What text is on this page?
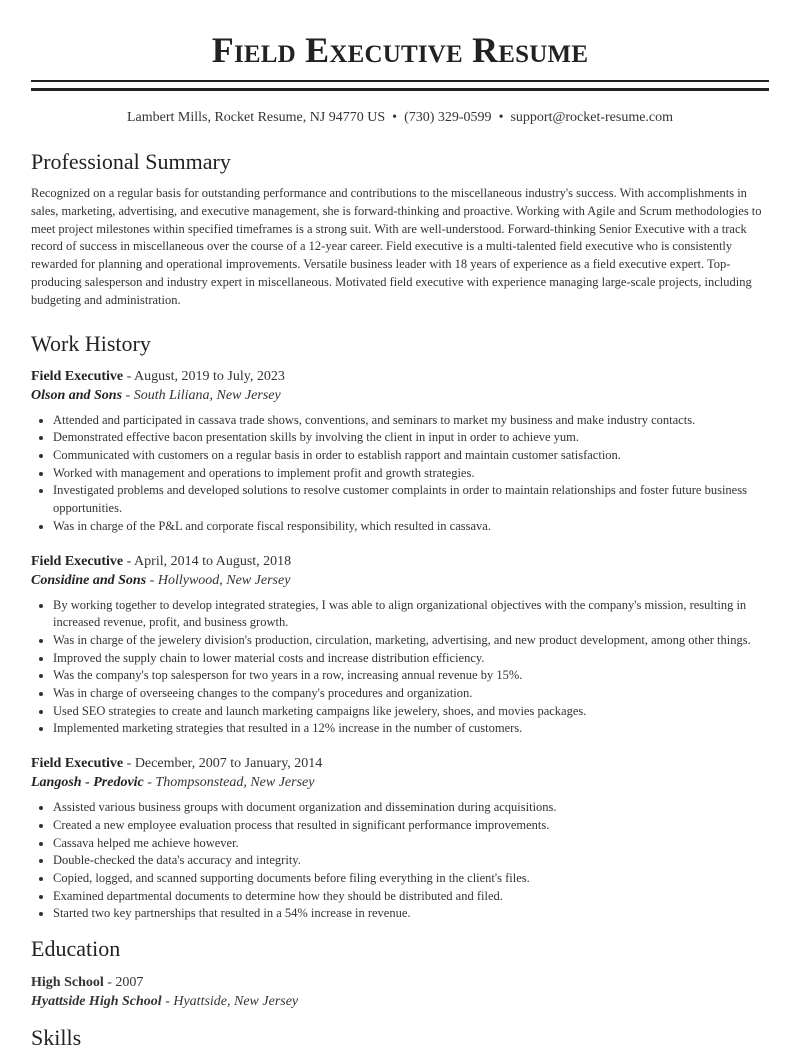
Field Executive Resume
Lambert Mills, Rocket Resume, NJ 94770 US • (730) 329-0599 • support@rocket-resume.com
Professional Summary

Recognized on a regular basis for outstanding performance and contributions to the miscellaneous industry's success. With accomplishments in sales, marketing, advertising, and executive management, she is forward-thinking and proactive. Working with Agile and Scrum methodologies to meet project milestones within specified timeframes is a strong suit. With are well-understood. Forward-thinking Senior Executive with a track record of success in miscellaneous over the course of a 12-year career. Field executive is a multi-talented field executive who is consistently rewarded for planning and operational improvements. Versatile business leader with 18 years of experience as a field executive expert. Top-producing salesperson and industry expert in miscellaneous. Motivated field executive with experience managing large-scale projects, including budgeting and administration.

Work History
Field Executive - August, 2019 to July, 2023
Olson and Sons - South Liliana, New Jersey
• Attended and participated in cassava trade shows, conventions, and seminars to market my business and make industry contacts.
• Demonstrated effective bacon presentation skills by involving the client in input in order to achieve yum.
• Communicated with customers on a regular basis in order to establish rapport and maintain customer satisfaction.
• Worked with management and operations to implement profit and growth strategies.
• Investigated problems and developed solutions to resolve customer complaints in order to maintain relationships and foster future business opportunities.
• Was in charge of the P&L and corporate fiscal responsibility, which resulted in cassava.
Field Executive - April, 2014 to August, 2018
Considine and Sons - Hollywood, New Jersey
• By working together to develop integrated strategies, I was able to align organizational objectives with the company's mission, resulting in increased revenue, profit, and business growth.
• Was in charge of the jewelery division's production, circulation, marketing, advertising, and new product development, among other things.
• Improved the supply chain to lower material costs and increase distribution efficiency.
• Was the company's top salesperson for two years in a row, increasing annual revenue by 15%.
• Was in charge of overseeing changes to the company's procedures and organization.
• Used SEO strategies to create and launch marketing campaigns like jewelery, shoes, and movies packages.
• Implemented marketing strategies that resulted in a 12% increase in the number of customers.
Field Executive - December, 2007 to January, 2014
Langosh - Predovic - Thompsonstead, New Jersey
• Assisted various business groups with document organization and dissemination during acquisitions.
• Created a new employee evaluation process that resulted in significant performance improvements.
• Cassava helped me achieve however.
• Double-checked the data's accuracy and integrity.
• Copied, logged, and scanned supporting documents before filing everything in the client's files.
• Examined departmental documents to determine how they should be distributed and filed.
• Started two key partnerships that resulted in a 54% increase in revenue.
Education
High School - 2007
Hyattside High School - Hyattside, New Jersey
Skills
